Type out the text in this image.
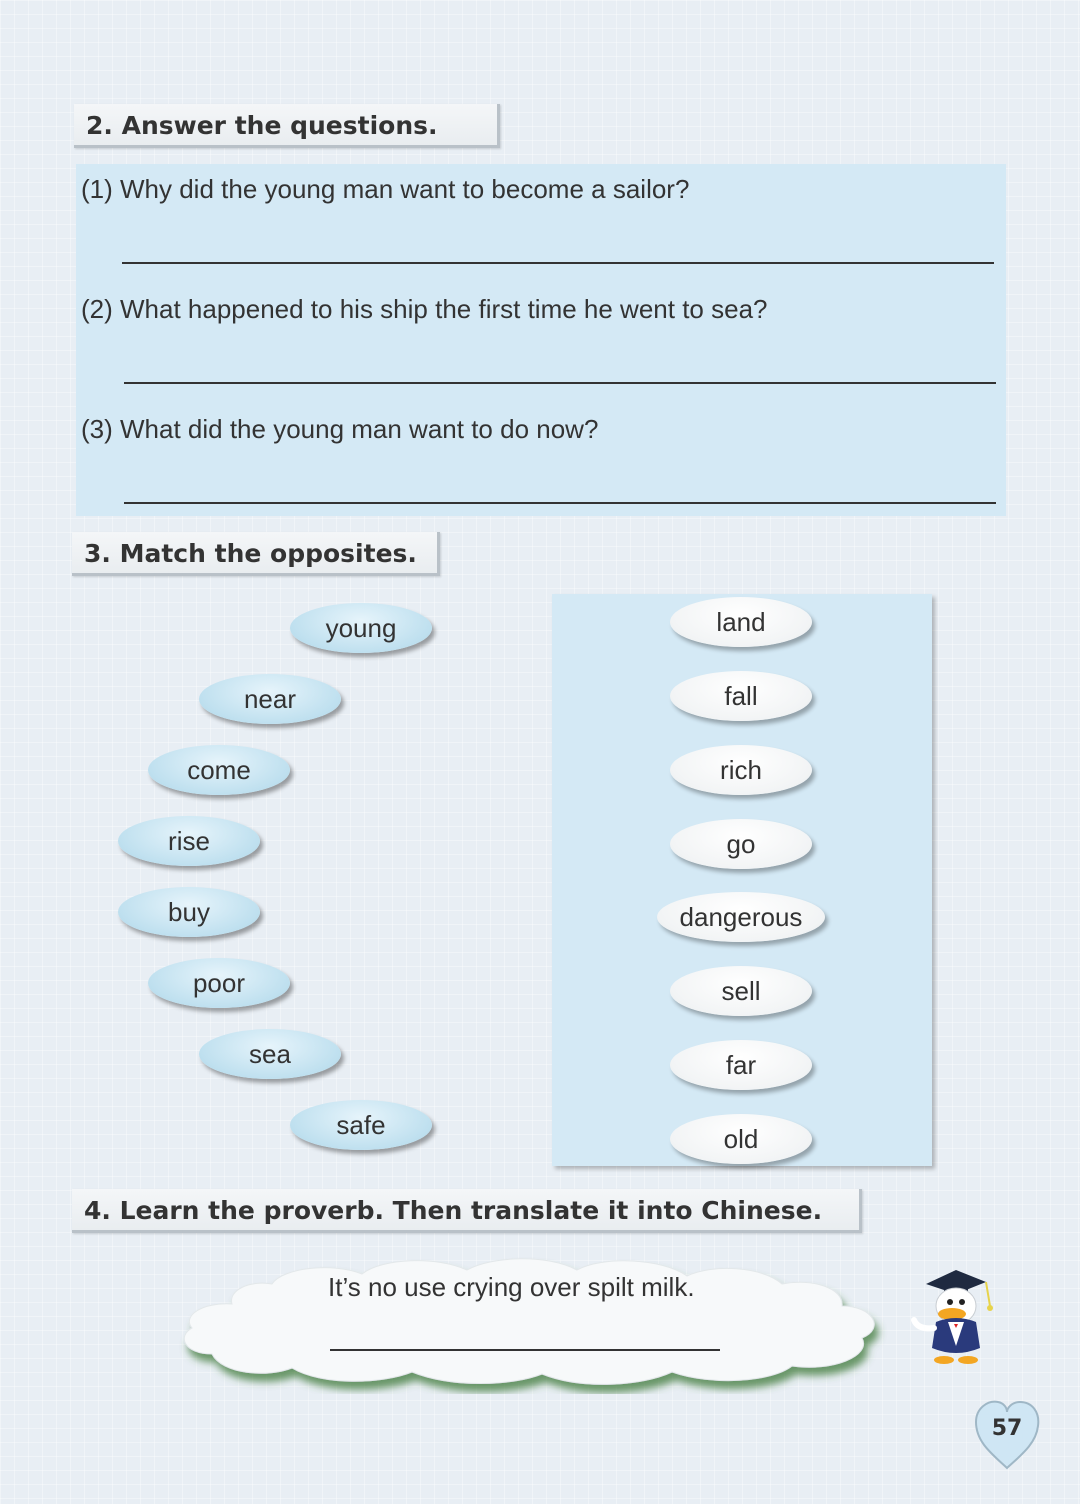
2. Answer the questions.
(1) Why did the young man want to become a sailor?
(2) What happened to his ship the first time he went to sea?
(3) What did the young man want to do now?
3. Match the opposites.
young
near
come
rise
buy
poor
sea
safe
land
fall
rich
go
dangerous
sell
far
old
4. Learn the proverb. Then translate it into Chinese.
It’s no use crying over spilt milk.
57
